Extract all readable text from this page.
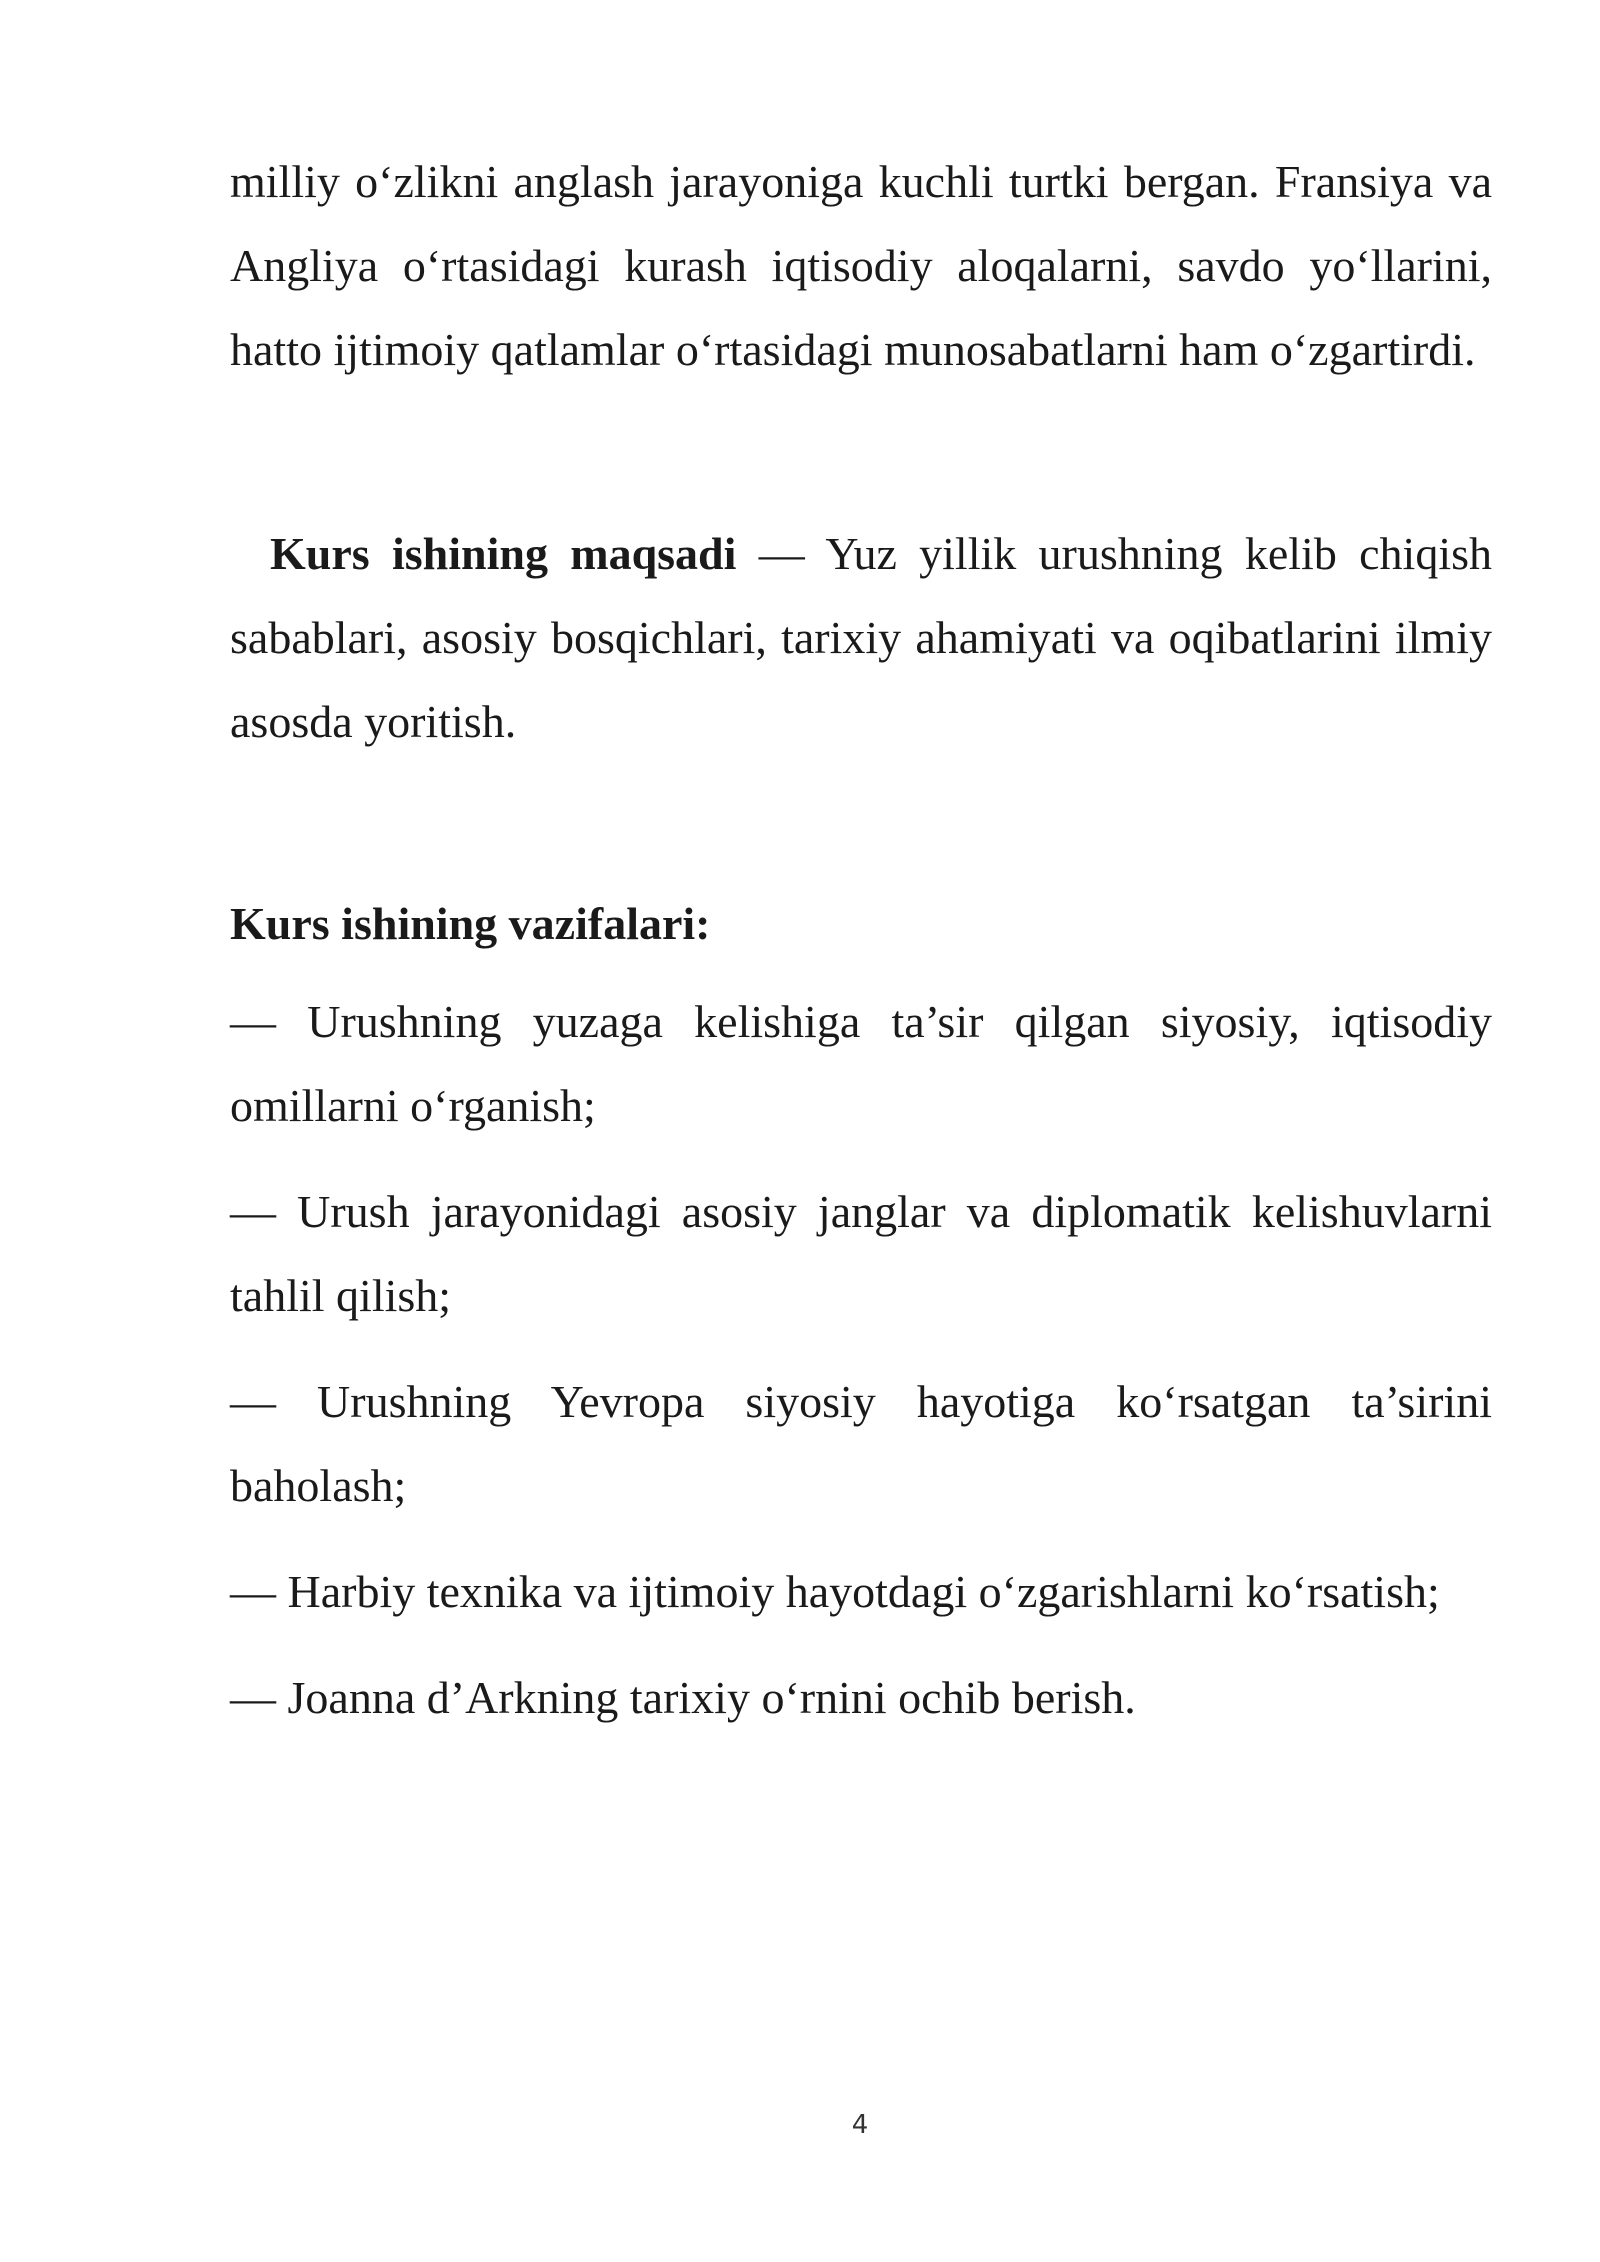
milliy o‘zlikni anglash jarayoniga kuchli turtki bergan. Fransiya va Angliya o‘rtasidagi kurash iqtisodiy aloqalarni, savdo yo‘llarini, hatto ijtimoiy qatlamlar o‘rtasidagi munosabatlarni ham o‘zgartirdi.

Kurs ishining maqsadi — Yuz yillik urushning kelib chiqish sabablari, asosiy bosqichlari, tarixiy ahamiyati va oqibatlarini ilmiy asosda yoritish.

Kurs ishining vazifalari:

— Urushning yuzaga kelishiga ta’sir qilgan siyosiy, iqtisodiy omillarni o‘rganish;

— Urush jarayonidagi asosiy janglar va diplomatik kelishuvlarni tahlil qilish;

— Urushning Yevropa siyosiy hayotiga ko‘rsatgan ta’sirini baholash;

— Harbiy texnika va ijtimoiy hayotdagi o‘zgarishlarni ko‘rsatish;

— Joanna d’Arkning tarixiy o‘rnini ochib berish.

4
